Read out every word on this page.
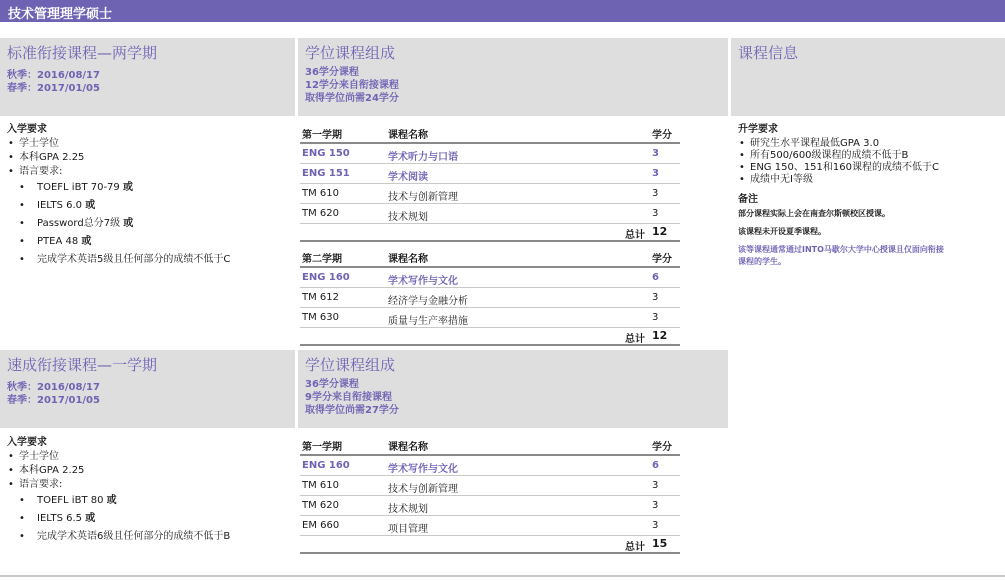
技术管理理学硕士
标准衔接课程—两学期
秋季：2016/08/17
春季：2017/01/05
学位课程组成
36学分课程
12学分来自衔接课程
取得学位尚需24学分
课程信息
入学要求
• 学士学位
• 本科GPA 2.25
• 语言要求:
• TOEFL iBT 70-79 或
• IELTS 6.0 或
• Password总分7级 或
• PTEA 48 或
• 完成学术英语5级且任何部分的成绩不低于C
第一学期	课程名称	学分
ENG 150	学术听力与口语	3
ENG 151	学术阅读	3
TM 610	技术与创新管理	3
TM 620	技术规划	3
总计 12
第二学期	课程名称	学分
ENG 160	学术写作与文化	6
TM 612	经济学与金融分析	3
TM 630	质量与生产率措施	3
总计 12
升学要求
• 研究生水平课程最低GPA 3.0
• 所有500/600级课程的成绩不低于B
• ENG 150、151和160课程的成绩不低于C
• 成绩中无I等级
备注
部分课程实际上会在南查尔斯顿校区授课。
该课程未开设夏季课程。
该等课程通常通过INTO马歇尔大学中心授课且仅面向衔接
课程的学生。
速成衔接课程—一学期
秋季：2016/08/17
春季：2017/01/05
学位课程组成
36学分课程
9学分来自衔接课程
取得学位尚需27学分
入学要求
• 学士学位
• 本科GPA 2.25
• 语言要求:
• TOEFL iBT 80 或
• IELTS 6.5 或
• 完成学术英语6级且任何部分的成绩不低于B
第一学期	课程名称	学分
ENG 160	学术写作与文化	6
TM 610	技术与创新管理	3
TM 620	技术规划	3
EM 660	项目管理	3
总计 15
